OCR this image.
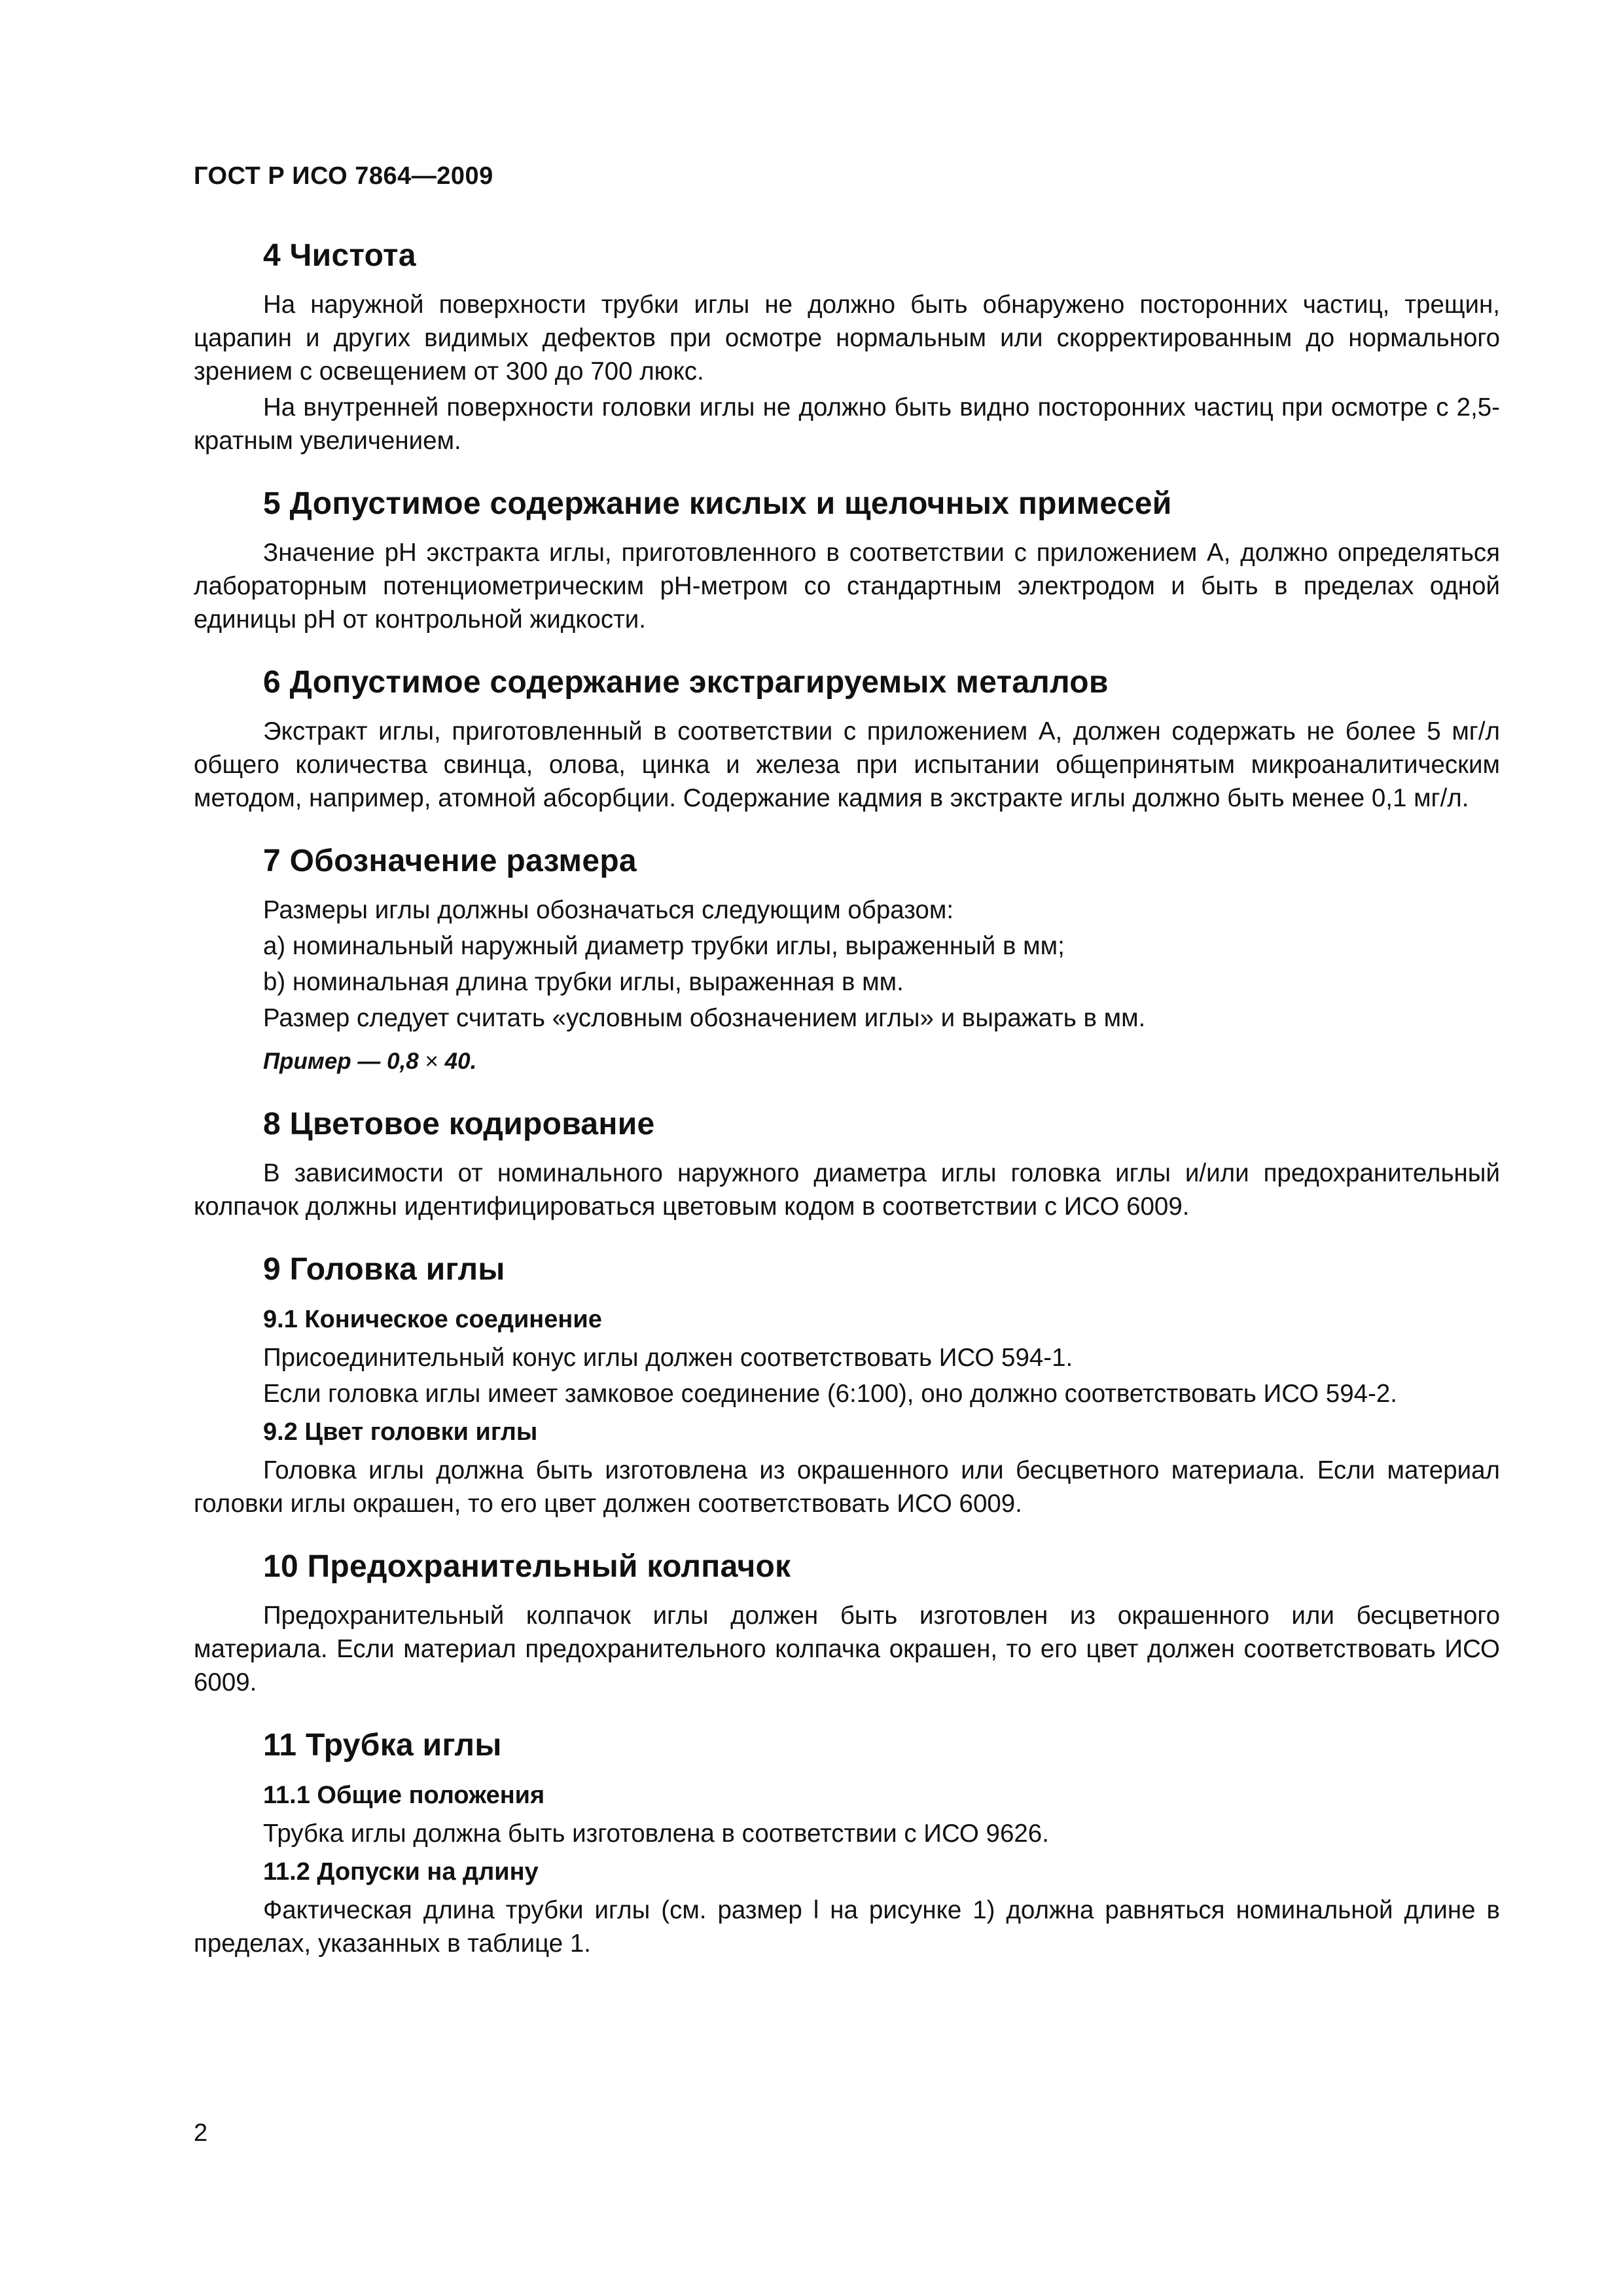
ГОСТ Р ИСО 7864—2009
4 Чистота

На наружной поверхности трубки иглы не должно быть обнаружено посторонних частиц, трещин, царапин и других видимых дефектов при осмотре нормальным или скорректированным до нормального зрением с освещением от 300 до 700 люкс.

На внутренней поверхности головки иглы не должно быть видно посторонних частиц при осмотре с 2,5-кратным увеличением.

5 Допустимое содержание кислых и щелочных примесей

Значение рН экстракта иглы, приготовленного в соответствии с приложением А, должно определяться лабораторным потенциометрическим рН-метром со стандартным электродом и быть в пределах одной единицы рН от контрольной жидкости.

6 Допустимое содержание экстрагируемых металлов

Экстракт иглы, приготовленный в соответствии с приложением А, должен содержать не более 5 мг/л общего количества свинца, олова, цинка и железа при испытании общепринятым микроаналитическим методом, например, атомной абсорбции. Содержание кадмия в экстракте иглы должно быть менее 0,1 мг/л.

7 Обозначение размера

Размеры иглы должны обозначаться следующим образом:

a) номинальный наружный диаметр трубки иглы, выраженный в мм;

b) номинальная длина трубки иглы, выраженная в мм.

Размер следует считать «условным обозначением иглы» и выражать в мм.

Пример — 0,8 × 40.
8 Цветовое кодирование

В зависимости от номинального наружного диаметра иглы головка иглы и/или предохранительный колпачок должны идентифицироваться цветовым кодом в соответствии с ИСО 6009.

9 Головка иглы
9.1 Коническое соединение

Присоединительный конус иглы должен соответствовать ИСО 594-1.

Если головка иглы имеет замковое соединение (6:100), оно должно соответствовать ИСО 594-2.

9.2 Цвет головки иглы

Головка иглы должна быть изготовлена из окрашенного или бесцветного материала. Если материал головки иглы окрашен, то его цвет должен соответствовать ИСО 6009.

10 Предохранительный колпачок

Предохранительный колпачок иглы должен быть изготовлен из окрашенного или бесцветного материала. Если материал предохранительного колпачка окрашен, то его цвет должен соответствовать ИСО 6009.

11 Трубка иглы
11.1 Общие положения

Трубка иглы должна быть изготовлена в соответствии с ИСО 9626.

11.2 Допуски на длину

Фактическая длина трубки иглы (см. размер l на рисунке 1) должна равняться номинальной длине в пределах, указанных в таблице 1.

2
